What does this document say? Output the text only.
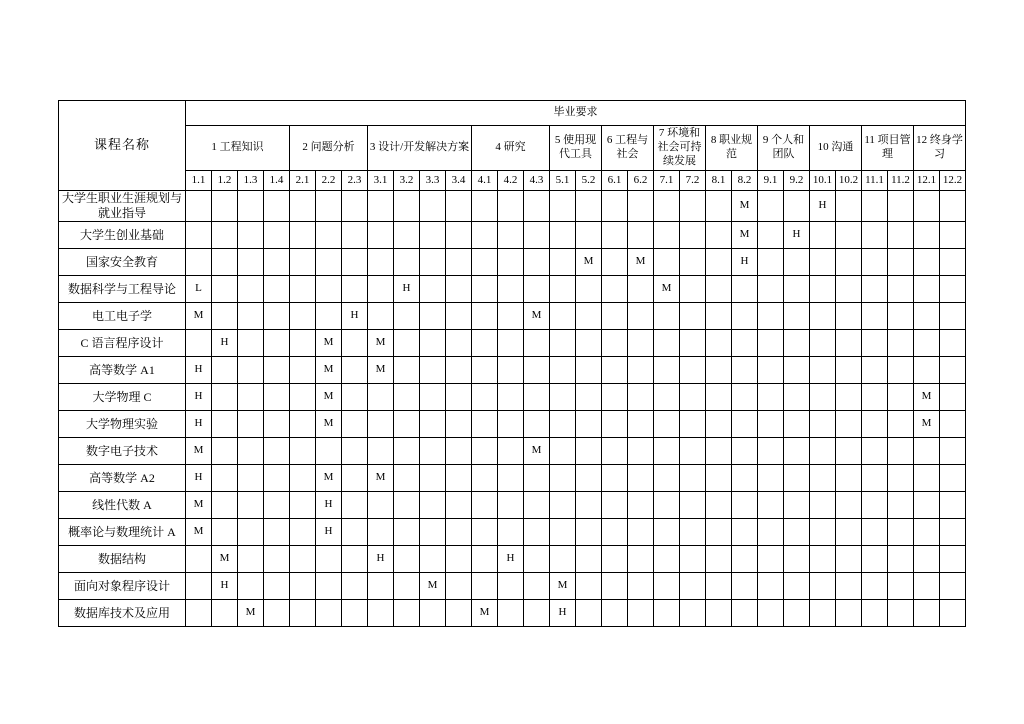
课程名称	毕业要求																													
	1 工程知识				2 问题分析			3 设计/开发解决方案				4 研究			5 使用现代工具		6 工程与社会		7 环境和社会可持续发展		8 职业规范		9 个人和团队		10 沟通		11 项目管理		12 终身学习	
	1.1	1.2	1.3	1.4	2.1	2.2	2.3	3.1	3.2	3.3	3.4	4.1	4.2	4.3	5.1	5.2	6.1	6.2	7.1	7.2	8.1	8.2	9.1	9.2	10.1	10.2	11.1	11.2	12.1	12.2
大学生职业生涯规划与就业指导																						M			H					
大学生创业基础																						M		H						
国家安全教育																M		M				H								
数据科学与工程导论	L								H										M											
电工电子学	M						H							M																
C 语言程序设计		H				M		M																						
高等数学 A1	H					M		M																						
大学物理 C	H					M																							M	
大学物理实验	H					M																							M	
数字电子技术	M													M																
高等数学 A2	H					M		M																						
线性代数 A	M					H																								
概率论与数理统计 A	M					H																								
数据结构		M						H					H																	
面向对象程序设计		H								M					M															
数据库技术及应用			M									M			H															
